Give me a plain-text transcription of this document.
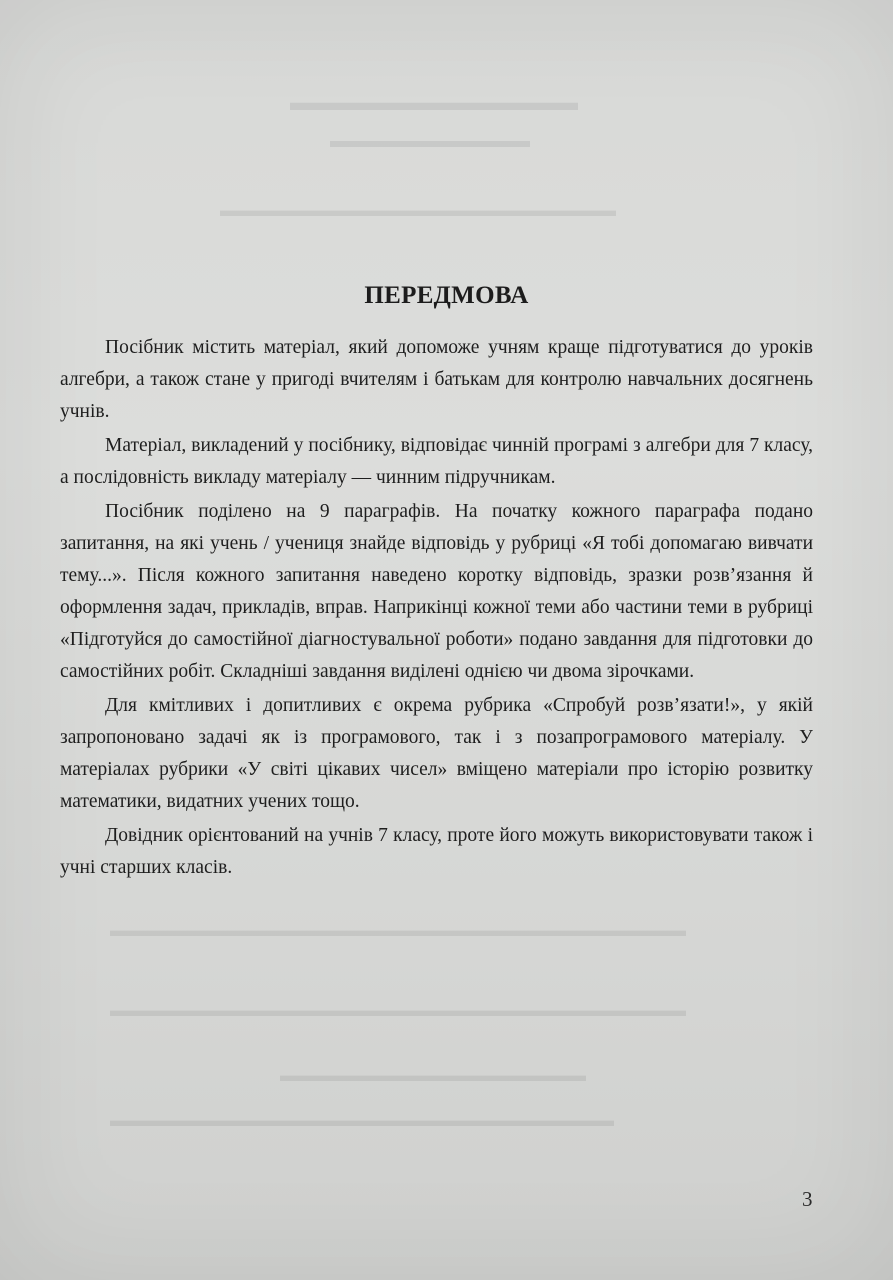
▬▬▬▬▬▬▬▬▬▬▬▬
▬▬▬▬▬▬▬▬▬▬
▬▬▬▬▬▬▬▬▬▬▬▬▬▬▬▬▬▬▬▬▬▬
▬▬▬▬▬▬▬▬▬▬▬▬▬▬▬▬▬▬▬▬▬▬▬▬▬▬▬▬▬▬▬▬
▬▬▬▬▬▬▬▬▬▬▬▬▬▬▬▬▬▬▬▬▬▬▬▬▬▬▬▬▬▬▬▬
▬▬▬▬▬▬▬▬▬▬▬▬▬▬▬▬▬
▬▬▬▬▬▬▬▬▬▬▬▬▬▬▬▬▬▬▬▬▬▬▬▬▬▬▬▬
ПЕРЕДМОВА

Посібник містить матеріал, який допоможе учням краще підготуватися до уроків алгебри, а також стане у пригоді вчителям і батькам для контролю навчальних досягнень учнів.

Матеріал, викладений у посібнику, відповідає чинній програмі з алгебри для 7 класу, а послідовність викладу матеріалу — чинним підручникам.

Посібник поділено на 9 параграфів. На початку кожного параграфа подано запитання, на які учень / учениця знайде відповідь у рубриці «Я тобі допомагаю вивчати тему...». Після кожного запитання наведено коротку відповідь, зразки розв’язання й оформлення задач, прикладів, вправ. Наприкінці кожної теми або частини теми в рубриці «Підготуйся до самостійної діагностувальної роботи» подано завдання для підготовки до самостійних робіт. Складніші завдання виділені однією чи двома зірочками.

Для кмітливих і допитливих є окрема рубрика «Спробуй розв’язати!», у якій запропоновано задачі як із програмового, так і з позапрограмового матеріалу. У матеріалах рубрики «У світі цікавих чисел» вміщено матеріали про історію розвитку математики, видатних учених тощо.

Довідник орієнтований на учнів 7 класу, проте його можуть використовувати також і учні старших класів.

3
